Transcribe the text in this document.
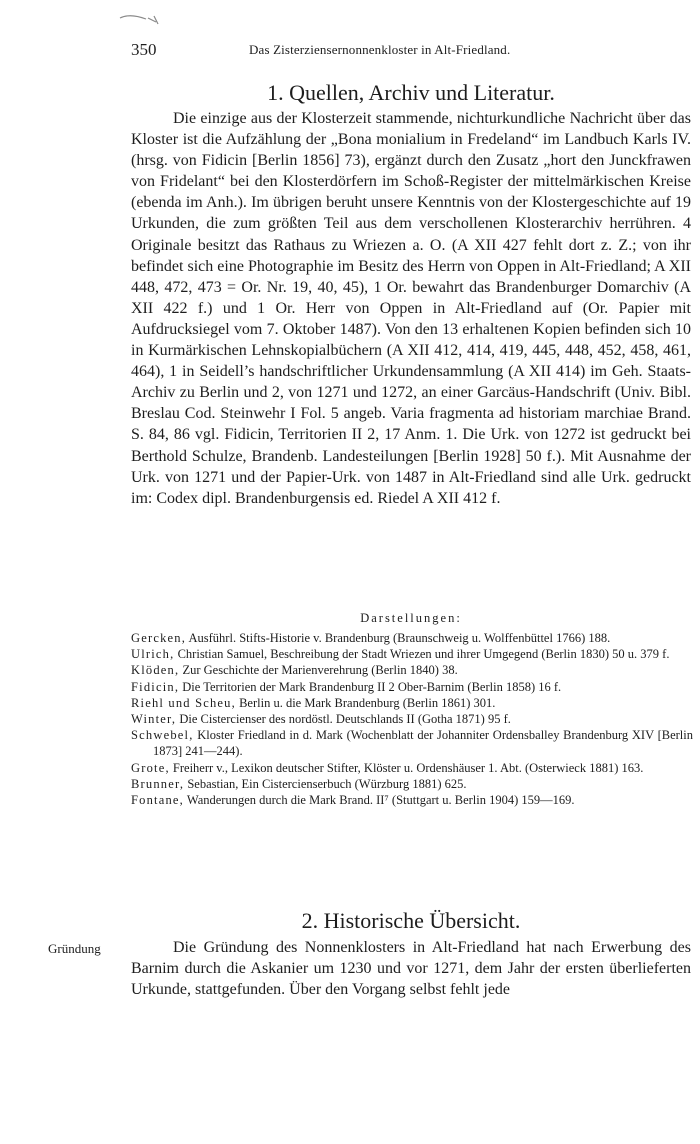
350	Das Zisterziensernonnenkloster in Alt-Friedland.
1. Quellen, Archiv und Literatur.

Die einzige aus der Klosterzeit stammende, nichturkundliche Nachricht über das Kloster ist die Aufzählung der „Bona monialium in Fredeland“ im Landbuch Karls IV. (hrsg. von Fidicin [Berlin 1856] 73), ergänzt durch den Zusatz „hort den Junckfrawen von Fridelant“ bei den Klosterdörfern im Schoß-Register der mittelmärkischen Kreise (ebenda im Anh.). Im übrigen beruht unsere Kenntnis von der Klostergeschichte auf 19 Urkunden, die zum größten Teil aus dem verschollenen Klosterarchiv herrühren. 4 Originale besitzt das Rathaus zu Wriezen a. O. (A XII 427 fehlt dort z. Z.; von ihr befindet sich eine Photographie im Besitz des Herrn von Oppen in Alt-Friedland; A XII 448, 472, 473 = Or. Nr. 19, 40, 45), 1 Or. bewahrt das Brandenburger Domarchiv (A XII 422 f.) und 1 Or. Herr von Oppen in Alt-Friedland auf (Or. Papier mit Aufdrucksiegel vom 7. Oktober 1487). Von den 13 erhaltenen Kopien befinden sich 10 in Kurmärkischen Lehnskopialbüchern (A XII 412, 414, 419, 445, 448, 452, 458, 461, 464), 1 in Seidell’s handschriftlicher Urkundensammlung (A XII 414) im Geh. Staats-Archiv zu Berlin und 2, von 1271 und 1272, an einer Garcäus-Handschrift (Univ. Bibl. Breslau Cod. Steinwehr I Fol. 5 angeb. Varia fragmenta ad historiam marchiae Brand. S. 84, 86 vgl. Fidicin, Territorien II 2, 17 Anm. 1. Die Urk. von 1272 ist gedruckt bei Berthold Schulze, Brandenb. Landesteilungen [Berlin 1928] 50 f.). Mit Ausnahme der Urk. von 1271 und der Papier-Urk. von 1487 in Alt-Friedland sind alle Urk. gedruckt im: Codex dipl. Brandenburgensis ed. Riedel A XII 412 f.

Darstellungen:
Gercken, Ausführl. Stifts-Historie v. Brandenburg (Braunschweig u. Wolffenbüttel 1766) 188.
Ulrich, Christian Samuel, Beschreibung der Stadt Wriezen und ihrer Umgegend (Berlin 1830) 50 u. 379 f.
Klöden, Zur Geschichte der Marienverehrung (Berlin 1840) 38.
Fidicin, Die Territorien der Mark Brandenburg II 2 Ober-Barnim (Berlin 1858) 16 f.
Riehl und Scheu, Berlin u. die Mark Brandenburg (Berlin 1861) 301.
Winter, Die Cistercienser des nordöstl. Deutschlands II (Gotha 1871) 95 f.
Schwebel, Kloster Friedland in d. Mark (Wochenblatt der Johanniter Ordensballey Brandenburg XIV [Berlin 1873] 241—244).
Grote, Freiherr v., Lexikon deutscher Stifter, Klöster u. Ordenshäuser 1. Abt. (Osterwieck 1881) 163.
Brunner, Sebastian, Ein Cistercienserbuch (Würzburg 1881) 625.
Fontane, Wanderungen durch die Mark Brand. II⁷ (Stuttgart u. Berlin 1904) 159—169.
2. Historische Übersicht.
Gründung	Die Gründung des Nonnenklosters in Alt-Friedland hat nach Erwerbung des Barnim durch die Askanier um 1230 und vor 1271, dem Jahr der ersten überlieferten Urkunde, stattgefunden. Über den Vorgang selbst fehlt jede
